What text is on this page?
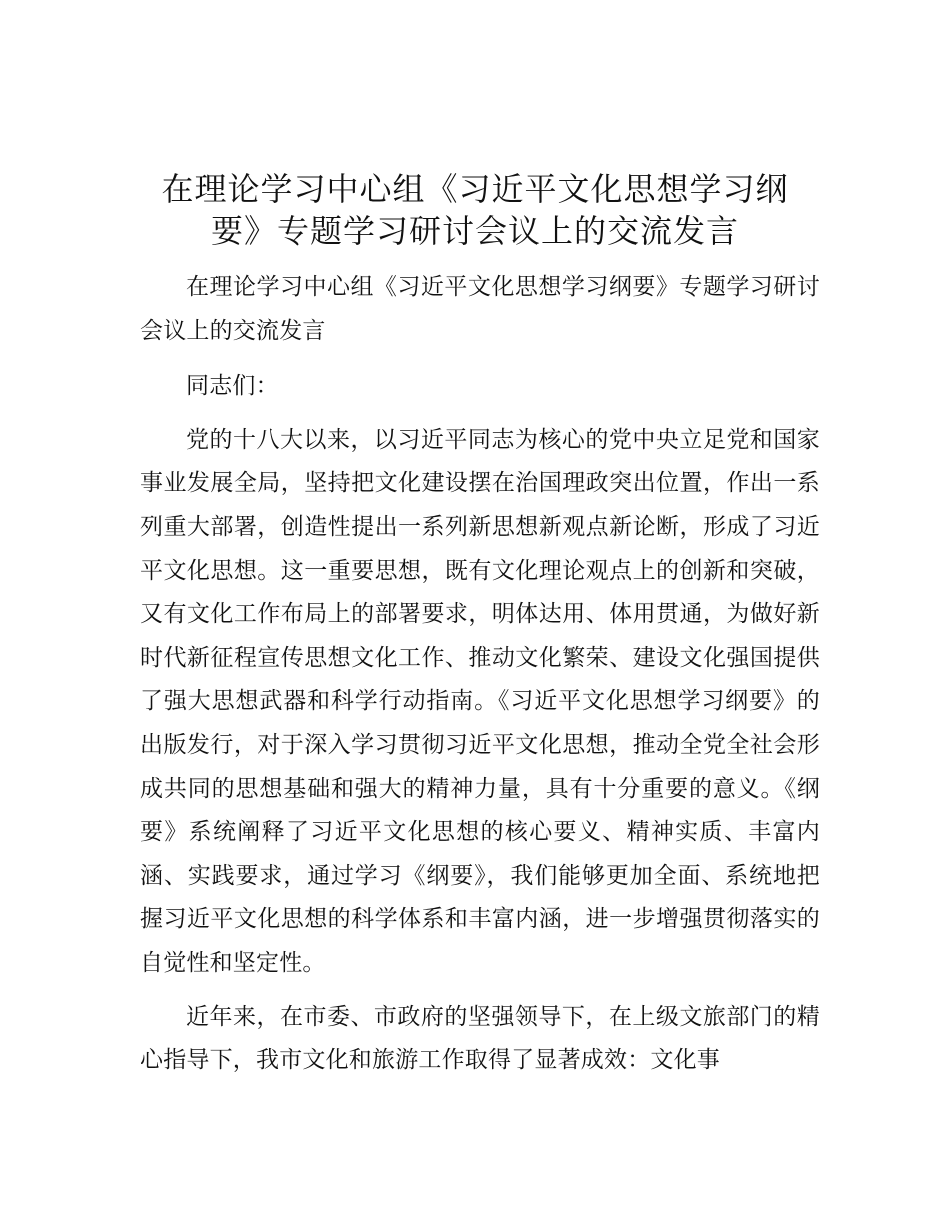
在理论学习中心组《习近平文化思想学习纲
要》专题学习研讨会议上的交流发言

在理论学习中心组《习近平文化思想学习纲要》专题学习研讨会议上的交流发言

同志们：

党的十八大以来，以习近平同志为核心的党中央立足党和国家事业发展全局，坚持把文化建设摆在治国理政突出位置，作出一系列重大部署，创造性提出一系列新思想新观点新论断，形成了习近平文化思想。这一重要思想，既有文化理论观点上的创新和突破，又有文化工作布局上的部署要求，明体达用、体用贯通，为做好新时代新征程宣传思想文化工作、推动文化繁荣、建设文化强国提供了强大思想武器和科学行动指南。《习近平文化思想学习纲要》的出版发行，对于深入学习贯彻习近平文化思想，推动全党全社会形成共同的思想基础和强大的精神力量，具有十分重要的意义。《纲要》系统阐释了习近平文化思想的核心要义、精神实质、丰富内涵、实践要求，通过学习《纲要》，我们能够更加全面、系统地把握习近平文化思想的科学体系和丰富内涵，进一步增强贯彻落实的自觉性和坚定性。

近年来，在市委、市政府的坚强领导下，在上级文旅部门的精心指导下，我市文化和旅游工作取得了显著成效：文化事
